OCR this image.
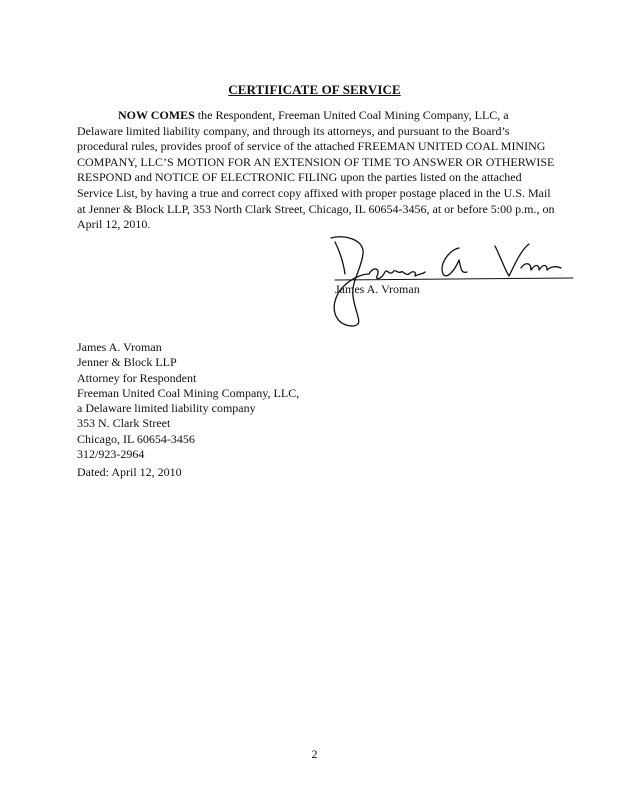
CERTIFICATE OF SERVICE
NOW COMES the Respondent, Freeman United Coal Mining Company, LLC, a Delaware limited liability company, and through its attorneys, and pursuant to the Board’s procedural rules, provides proof of service of the attached FREEMAN UNITED COAL MINING COMPANY, LLC’S MOTION FOR AN EXTENSION OF TIME TO ANSWER OR OTHERWISE RESPOND and NOTICE OF ELECTRONIC FILING upon the parties listed on the attached Service List, by having a true and correct copy affixed with proper postage placed in the U.S. Mail at Jenner & Block LLP, 353 North Clark Street, Chicago, IL 60654-3456, at or before 5:00 p.m., on April 12, 2010.
James A. Vroman
James A. Vroman
Jenner & Block LLP
Attorney for Respondent
Freeman United Coal Mining Company, LLC,
a Delaware limited liability company
353 N. Clark Street
Chicago, IL 60654-3456
312/923-2964
Dated: April 12, 2010
2
